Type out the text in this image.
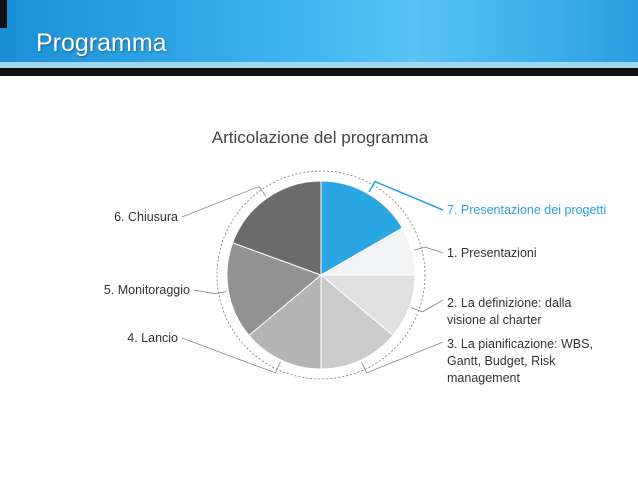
Programma
Articolazione del programma
7. Presentazione dei progetti
1. Presentazioni
2. La definizione: dalla visione al charter
3. La pianificazione: WBS, Gantt, Budget, Risk management
4. Lancio
5. Monitoraggio
6. Chiusura
